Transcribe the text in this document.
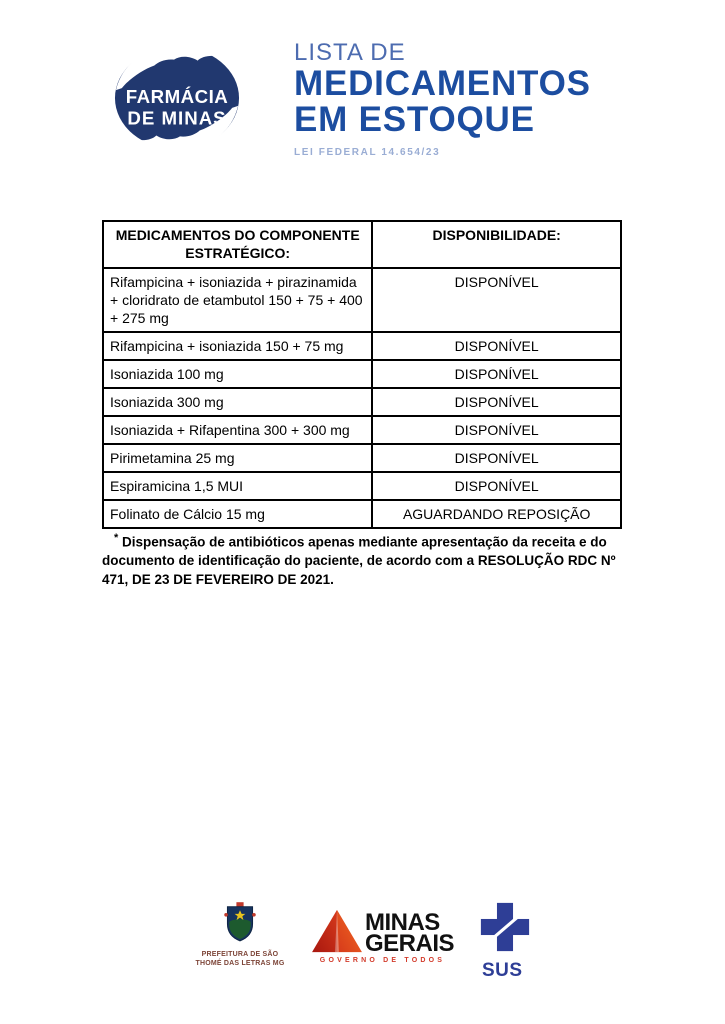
FARMÁCIA
DE MINAS
LISTA DE
MEDICAMENTOS
EM ESTOQUE
LEI FEDERAL 14.654/23
MEDICAMENTOS DO COMPONENTE ESTRATÉGICO:	DISPONIBILIDADE:
Rifampicina + isoniazida + pirazinamida + cloridrato de etambutol 150 + 75 + 400 + 275 mg	DISPONÍVEL
Rifampicina + isoniazida 150 + 75 mg	DISPONÍVEL
Isoniazida 100 mg	DISPONÍVEL
Isoniazida 300 mg	DISPONÍVEL
Isoniazida + Rifapentina 300 + 300 mg	DISPONÍVEL
Pirimetamina 25 mg	DISPONÍVEL
Espiramicina 1,5 MUI	DISPONÍVEL
Folinato de Cálcio 15 mg	AGUARDANDO REPOSIÇÃO

* Dispensação de antibióticos apenas mediante apresentação da receita e do documento de identificação do paciente, de acordo com a RESOLUÇÃO RDC Nº 471, DE 23 DE FEVEREIRO DE 2021.

PREFEITURA DE SÃO
THOMÉ DAS LETRAS MG
MINAS
GERAIS
GOVERNO DE TODOS	SUS
